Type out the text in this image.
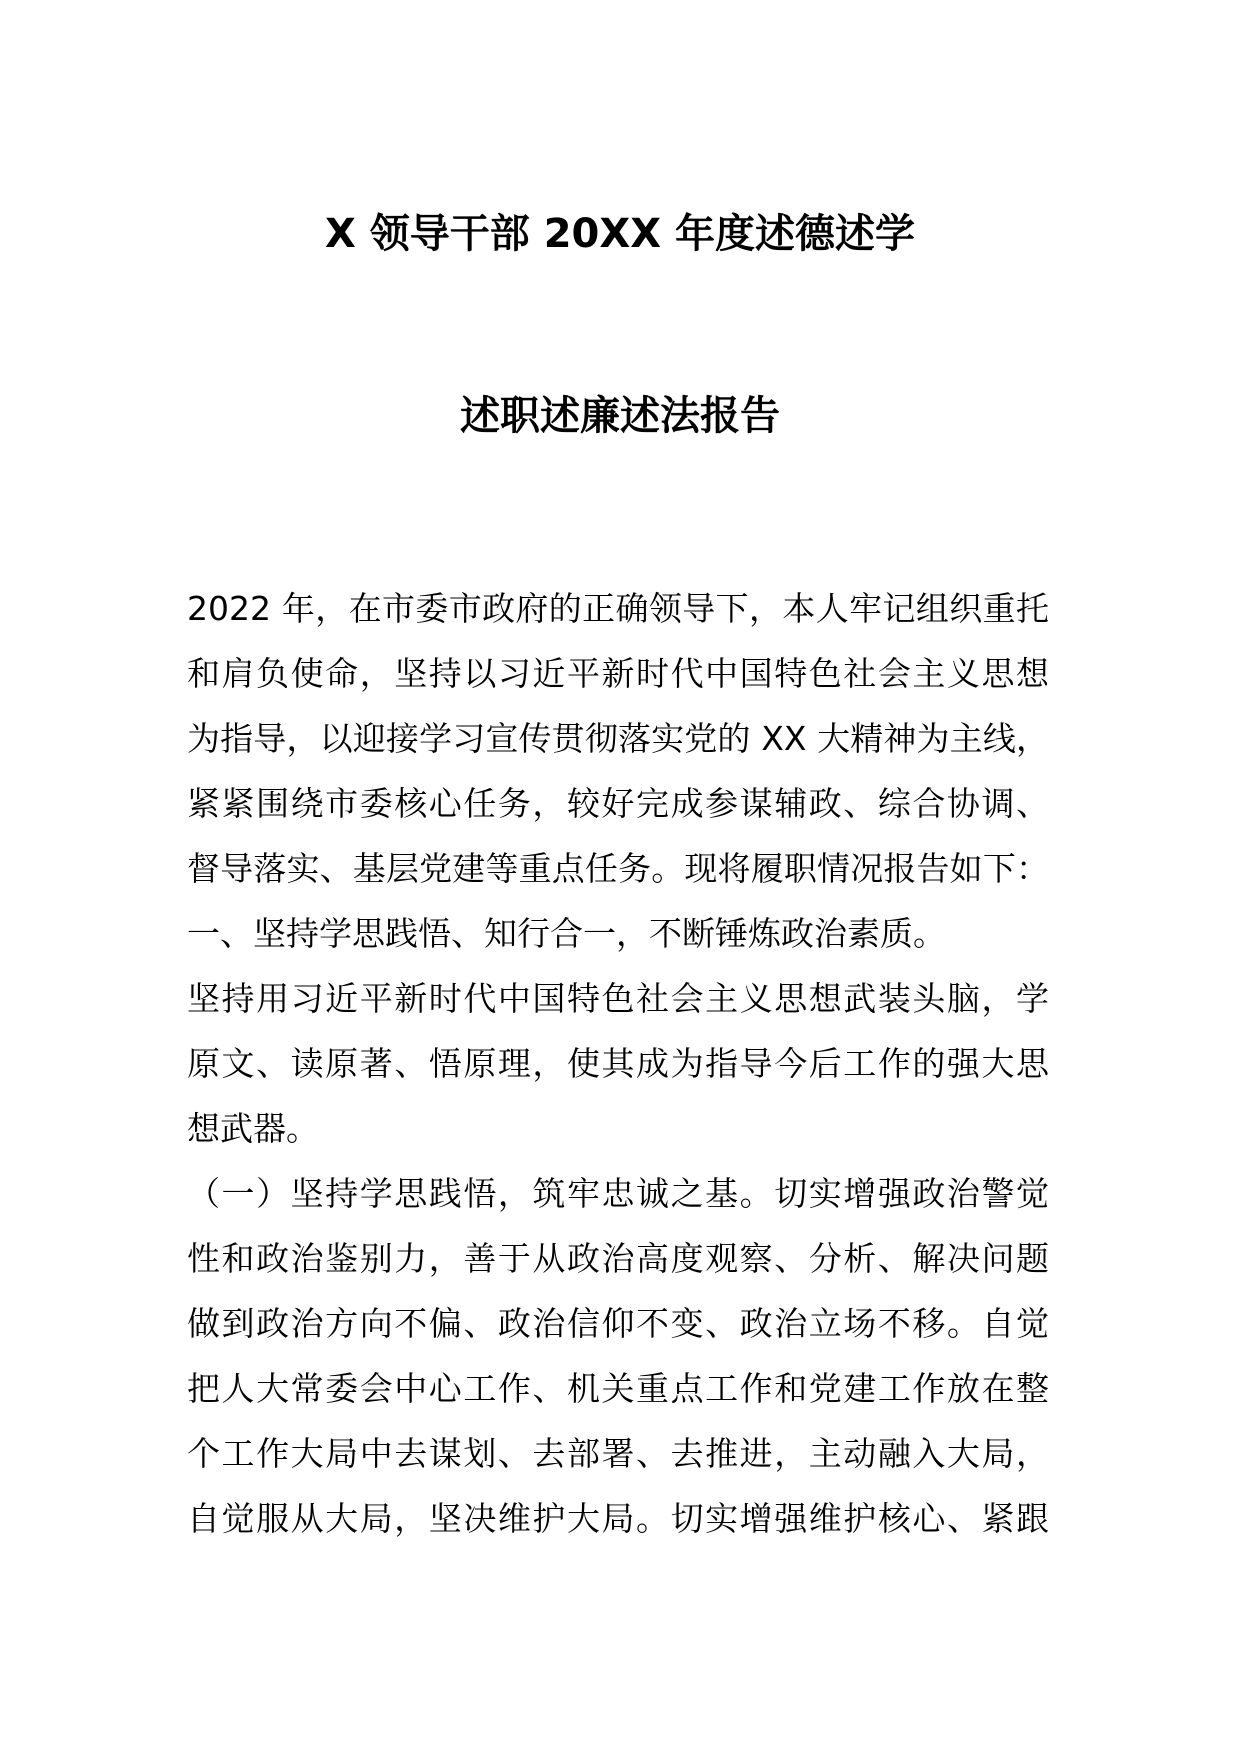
X 领导干部 20XX 年度述德述学
述职述廉述法报告
2022 年，在市委市政府的正确领导下，本人牢记组织重托
和肩负使命，坚持以习近平新时代中国特色社会主义思想
为指导，以迎接学习宣传贯彻落实党的 XX 大精神为主线，
紧紧围绕市委核心任务，较好完成参谋辅政、综合协调、
督导落实、基层党建等重点任务。现将履职情况报告如下：
一、坚持学思践悟、知行合一，不断锤炼政治素质。
坚持用习近平新时代中国特色社会主义思想武装头脑，学
原文、读原著、悟原理，使其成为指导今后工作的强大思
想武器。
（一）坚持学思践悟，筑牢忠诚之基。切实增强政治警觉
性和政治鉴别力，善于从政治高度观察、分析、解决问题
做到政治方向不偏、政治信仰不变、政治立场不移。自觉
把人大常委会中心工作、机关重点工作和党建工作放在整
个工作大局中去谋划、去部署、去推进，主动融入大局，
自觉服从大局，坚决维护大局。切实增强维护核心、紧跟
